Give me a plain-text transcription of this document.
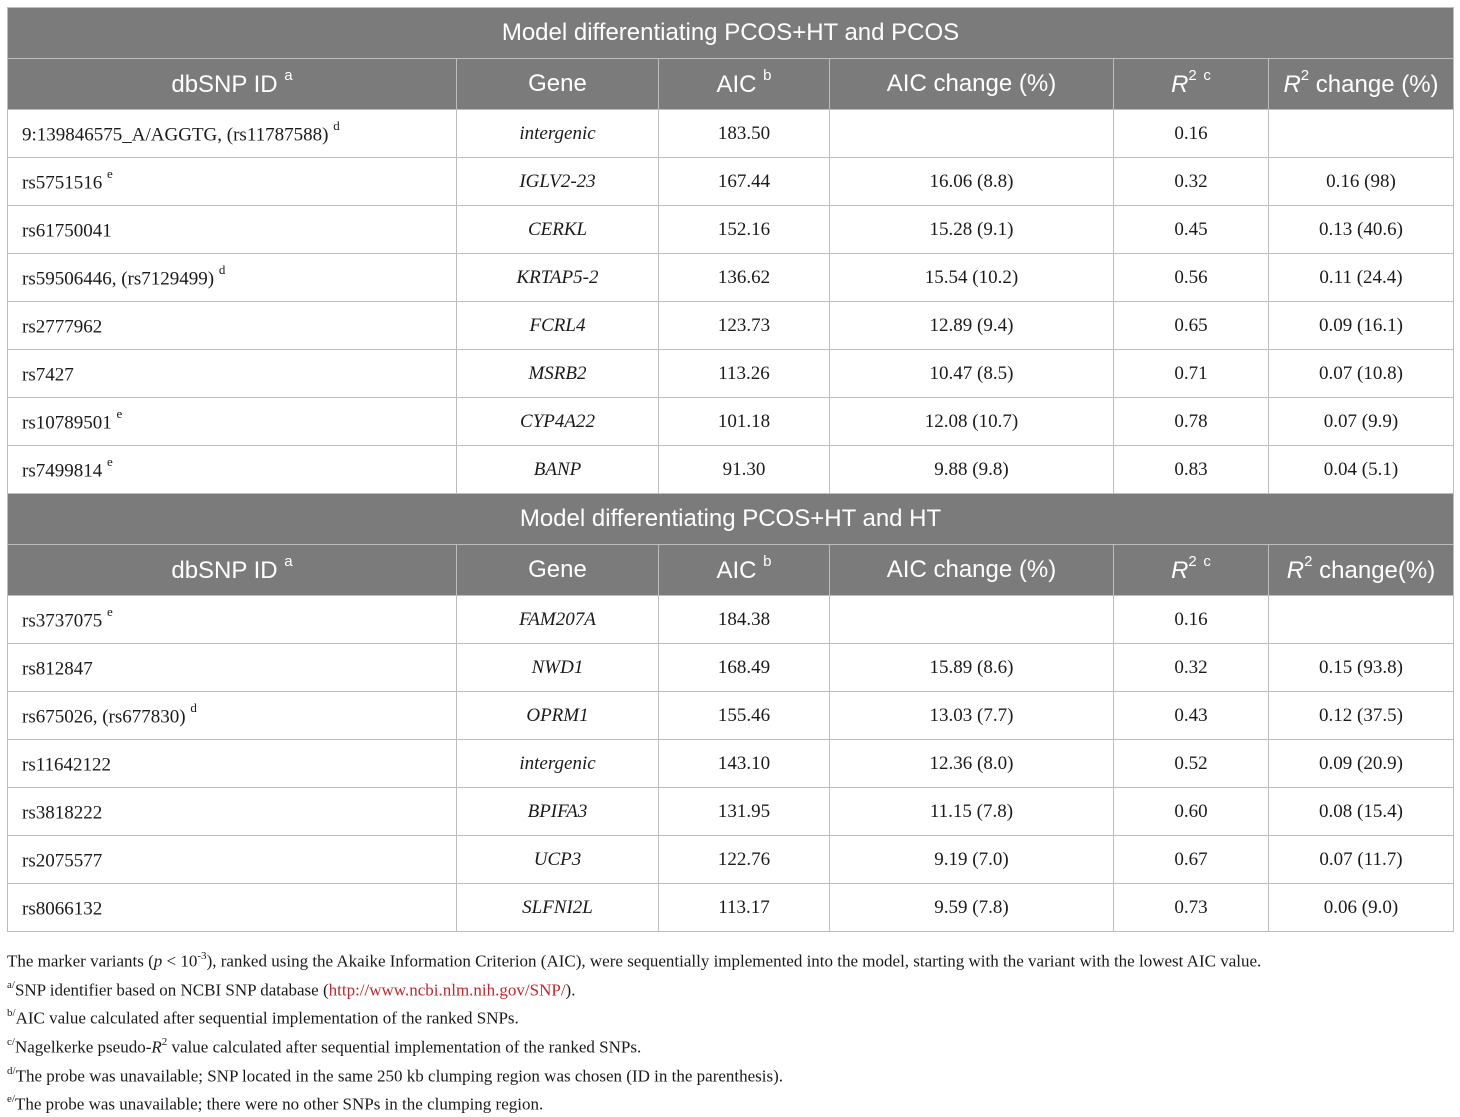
Model differentiating PCOS+HT and PCOS					
dbSNP ID $^a$	Gene	AIC $^b$	AIC change (%)	$R^2$ $^c$	$R^2$ change (%)
9:139846575_A/AGGTG, (rs11787588) $^d$	intergenic	183.50		0.16	
rs5751516 $^e$	IGLV2-23	167.44	16.06 (8.8)	0.32	0.16 (98)
rs61750041	CERKL	152.16	15.28 (9.1)	0.45	0.13 (40.6)
rs59506446, (rs7129499) $^d$	KRTAP5-2	136.62	15.54 (10.2)	0.56	0.11 (24.4)
rs2777962	FCRL4	123.73	12.89 (9.4)	0.65	0.09 (16.1)
rs7427	MSRB2	113.26	10.47 (8.5)	0.71	0.07 (10.8)
rs10789501 $^e$	CYP4A22	101.18	12.08 (10.7)	0.78	0.07 (9.9)
rs7499814 $^e$	BANP	91.30	9.88 (9.8)	0.83	0.04 (5.1)
Model differentiating PCOS+HT and HT					
dbSNP ID $^a$	Gene	AIC $^b$	AIC change (%)	$R^2$ $^c$	$R^2$ change(%)
rs3737075 $^e$	FAM207A	184.38		0.16	
rs812847	NWD1	168.49	15.89 (8.6)	0.32	0.15 (93.8)
rs675026, (rs677830) $^d$	OPRM1	155.46	13.03 (7.7)	0.43	0.12 (37.5)
rs11642122	intergenic	143.10	12.36 (8.0)	0.52	0.09 (20.9)
rs3818222	BPIFA3	131.95	11.15 (7.8)	0.60	0.08 (15.4)
rs2075577	UCP3	122.76	9.19 (7.0)	0.67	0.07 (11.7)
rs8066132	SLFNI2L	113.17	9.59 (7.8)	0.73	0.06 (9.0)
The marker variants $(p < 10^{-3})$, ranked using the Akaike Information Criterion (AIC), were sequentially implemented into the model, starting with the variant with the lowest AIC value.
$^{a/}$SNP identifier based on NCBI SNP database (http://www.ncbi.nlm.nih.gov/SNP/).
$^{b/}$AIC value calculated after sequential implementation of the ranked SNPs.
$^{c/}$Nagelkerke pseudo-$R^2$ value calculated after sequential implementation of the ranked SNPs.
$^{d/}$The probe was unavailable; SNP located in the same 250 kb clumping region was chosen (ID in the parenthesis).
$^{e/}$The probe was unavailable; there were no other SNPs in the clumping region.
